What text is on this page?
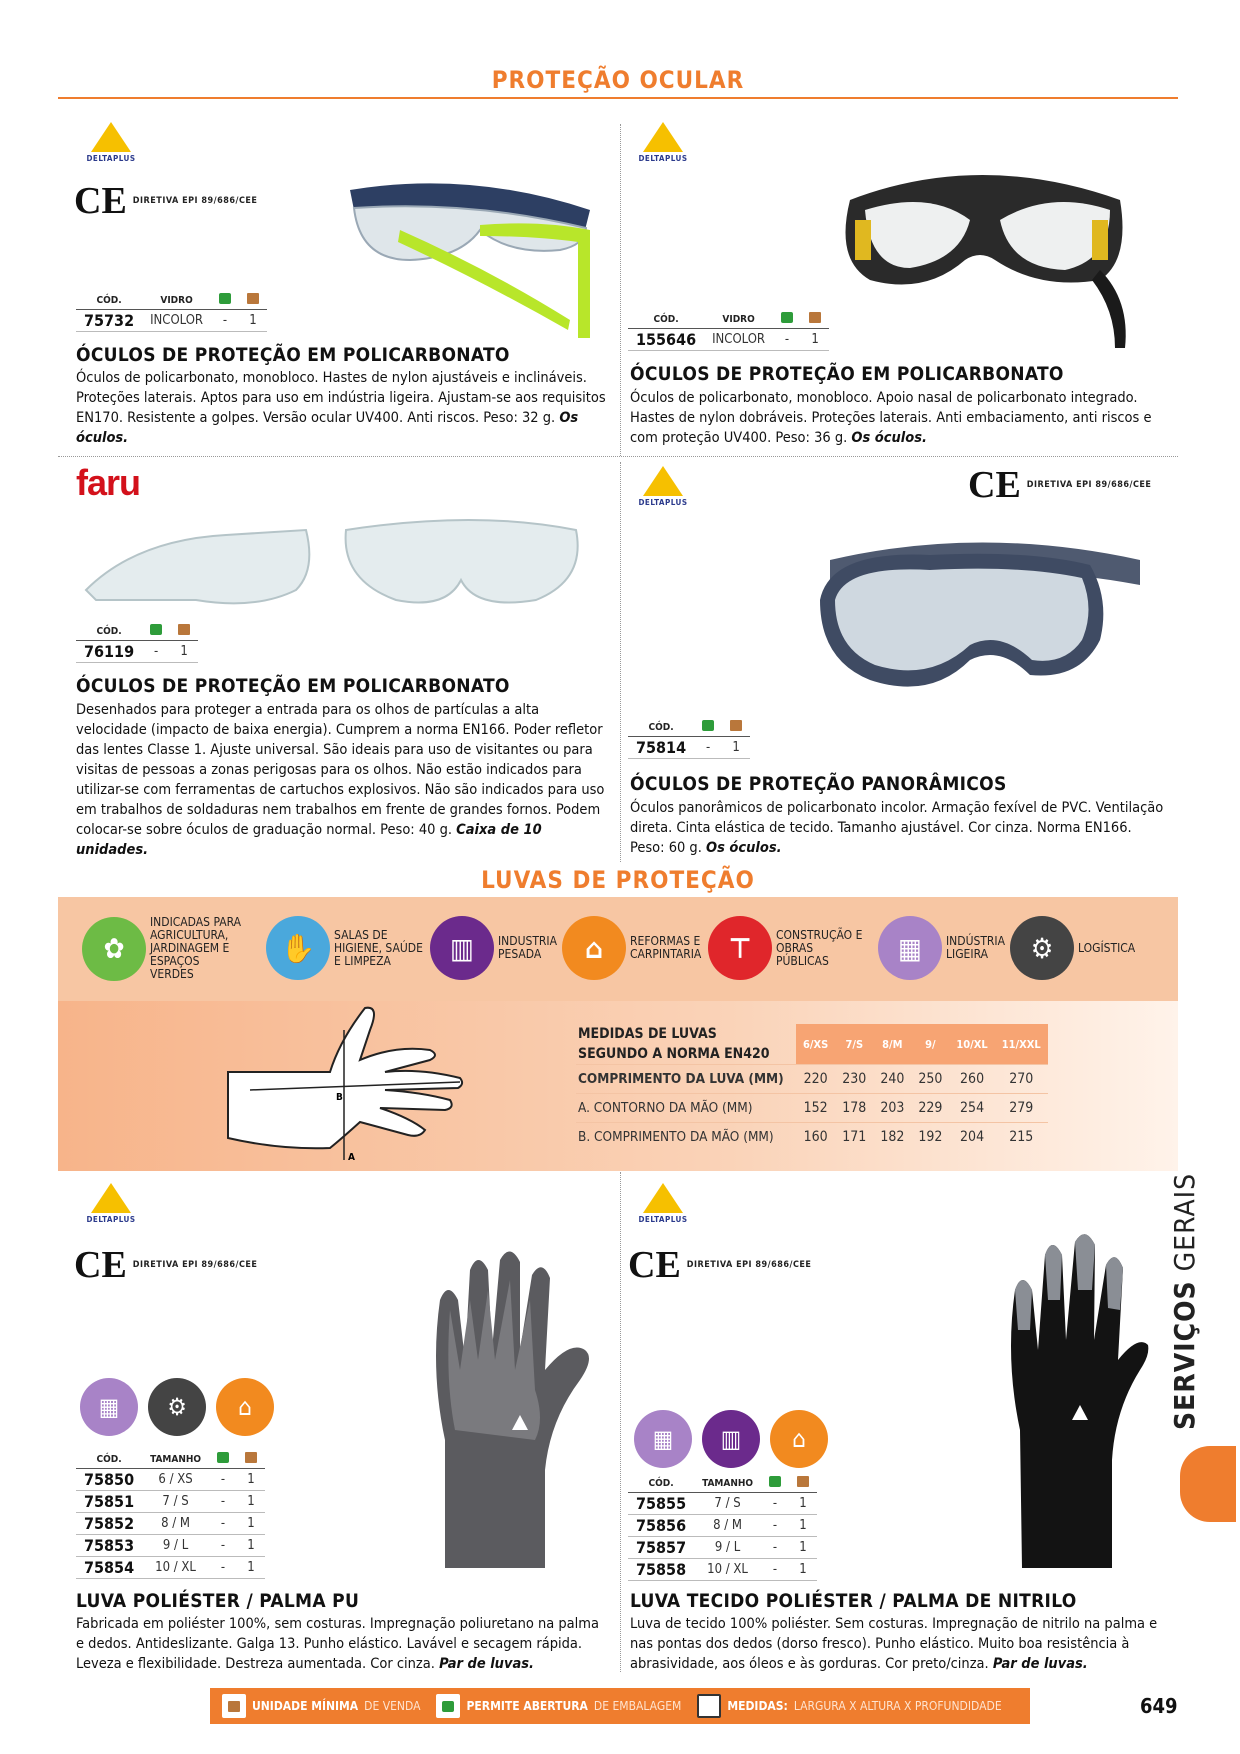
PROTEÇÃO OCULAR
DELTAPLUS
CE DIRETIVA EPI 89/686/CEE
CÓD.	VIDRO		
75732	INCOLOR	-	1
ÓCULOS DE PROTEÇÃO EM POLICARBONATO
Óculos de policarbonato, monobloco. Hastes de nylon ajustáveis e inclináveis. Proteções laterais. Aptos para uso em indústria ligeira. Ajustam-se aos requisitos EN170. Resistente a golpes. Versão ocular UV400. Anti riscos. Peso: 32 g. Os óculos.
DELTAPLUS
CÓD.	VIDRO		
155646	INCOLOR	-	1
ÓCULOS DE PROTEÇÃO EM POLICARBONATO
Óculos de policarbonato, monobloco. Apoio nasal de policarbonato integrado. Hastes de nylon dobráveis. Proteções laterais. Anti embaciamento, anti riscos e com proteção UV400. Peso: 36 g. Os óculos.
faru
CÓD.		
76119	-	1
ÓCULOS DE PROTEÇÃO EM POLICARBONATO
Desenhados para proteger a entrada para os olhos de partículas a alta velocidade (impacto de baixa energia). Cumprem a norma EN166. Poder refletor das lentes Classe 1. Ajuste universal. São ideais para uso de visitantes ou para visitas de pessoas a zonas perigosas para os olhos. Não estão indicados para utilizar-se com ferramentas de cartuchos explosivos. Não são indicados para uso em trabalhos de soldaduras nem trabalhos em frente de grandes fornos. Podem colocar-se sobre óculos de graduação normal. Peso: 40 g. Caixa de 10 unidades.
DELTAPLUS	CE DIRETIVA EPI 89/686/CEE
CÓD.		
75814	-	1
ÓCULOS DE PROTEÇÃO PANORÂMICOS
Óculos panorâmicos de policarbonato incolor. Armação fexível de PVC. Ventilação direta. Cinta elástica de tecido. Tamanho ajustável. Cor cinza. Norma EN166. Peso: 60 g. Os óculos.
LUVAS DE PROTEÇÃO
✿
INDICADAS PARA AGRICULTURA, JARDINAGEM E ESPAÇOS VERDES
✋	SALAS DE HIGIENE, SAÚDE E LIMPEZA	▥	INDUSTRIA PESADA	⌂	REFORMAS E CARPINTARIA ⊤	CONSTRUÇÃO E OBRAS PÚBLICAS	▦	INDÚSTRIA LIGEIRA	⚙	LOGÍSTICA
B
A
MEDIDAS DE LUVAS SEGUNDO A NORMA EN420	6/XS	7/S	8/M	9/	10/XL	11/XXL
COMPRIMENTO DA LUVA (MM)	220	230	240	250	260	270
A. CONTORNO DA MÃO (MM)	152	178	203	229	254	279
B. COMPRIMENTO DA MÃO (MM)	160	171	182	192	204	215
DELTAPLUS
CE DIRETIVA EPI 89/686/CEE
▦	⚙	⌂
CÓD.	TAMANHO		
75850	6 / XS	-	1
75851	7 / S	-	1
75852	8 / M	-	1
75853	9 / L	-	1
75854	10 / XL	-	1
LUVA POLIÉSTER / PALMA PU
Fabricada em poliéster 100%, sem costuras. Impregnação poliuretano na palma e dedos. Antideslizante. Galga 13. Punho elástico. Lavável e secagem rápida. Leveza e flexibilidade. Destreza aumentada. Cor cinza. Par de luvas.
DELTAPLUS
CE DIRETIVA EPI 89/686/CEE
▦	▥	⌂
CÓD.	TAMANHO		
75855	7 / S	-	1
75856	8 / M	-	1
75857	9 / L	-	1
75858	10 / XL	-	1
LUVA TECIDO POLIÉSTER / PALMA DE NITRILO
Luva de tecido 100% poliéster. Sem costuras. Impregnação de nitrilo na palma e nas pontas dos dedos (dorso fresco). Punho elástico. Muito boa resistência à abrasividade, aos óleos e às gorduras. Cor preto/cinza. Par de luvas.
SERVIÇOS GERAIS
UNIDADE MÍNIMA DE VENDA	PERMITE ABERTURA DE EMBALAGEM	MEDIDAS: LARGURA X ALTURA X PROFUNDIDADE	649
